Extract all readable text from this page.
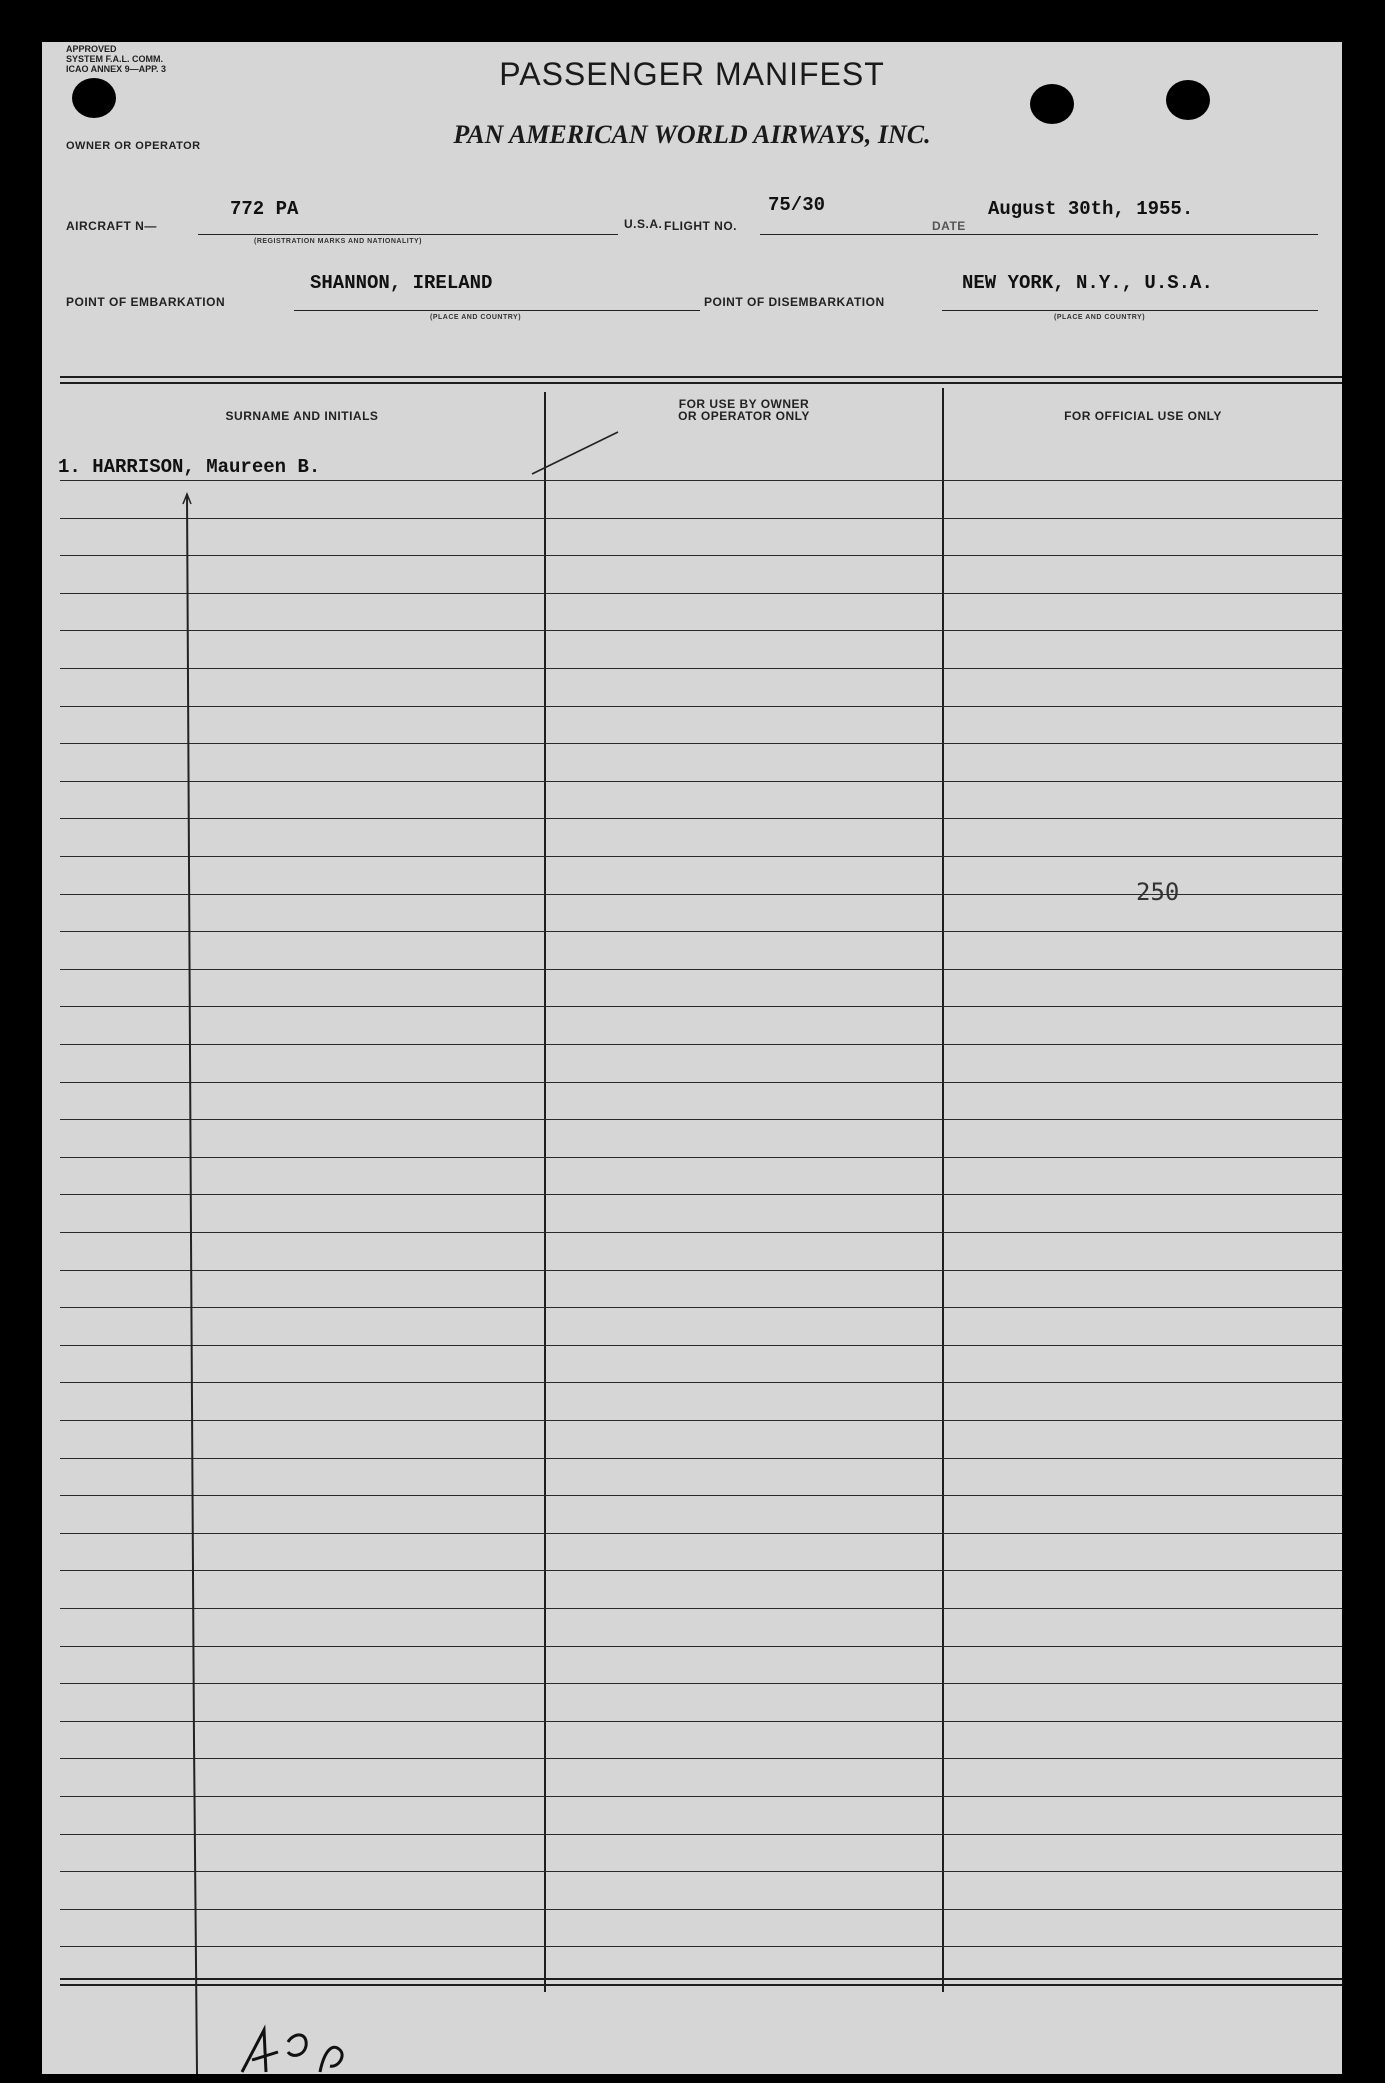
APPROVED
SYSTEM F.A.L. COMM.
ICAO ANNEX 9—APP. 3
OWNER OR OPERATOR
PASSENGER MANIFEST
PAN AMERICAN WORLD AIRWAYS, INC.
AIRCRAFT N—
772 PA
(REGISTRATION MARKS AND NATIONALITY)
U.S.A. FLIGHT NO.
75/30
DATE
August 30th, 1955.
POINT OF EMBARKATION
SHANNON, IRELAND
(PLACE AND COUNTRY)
POINT OF DISEMBARKATION
NEW YORK, N.Y., U.S.A.
(PLACE AND COUNTRY)
SURNAME AND INITIALS
FOR USE BY OWNER
OR OPERATOR ONLY	FOR OFFICIAL USE ONLY
1. HARRISON, Maureen B.
250
